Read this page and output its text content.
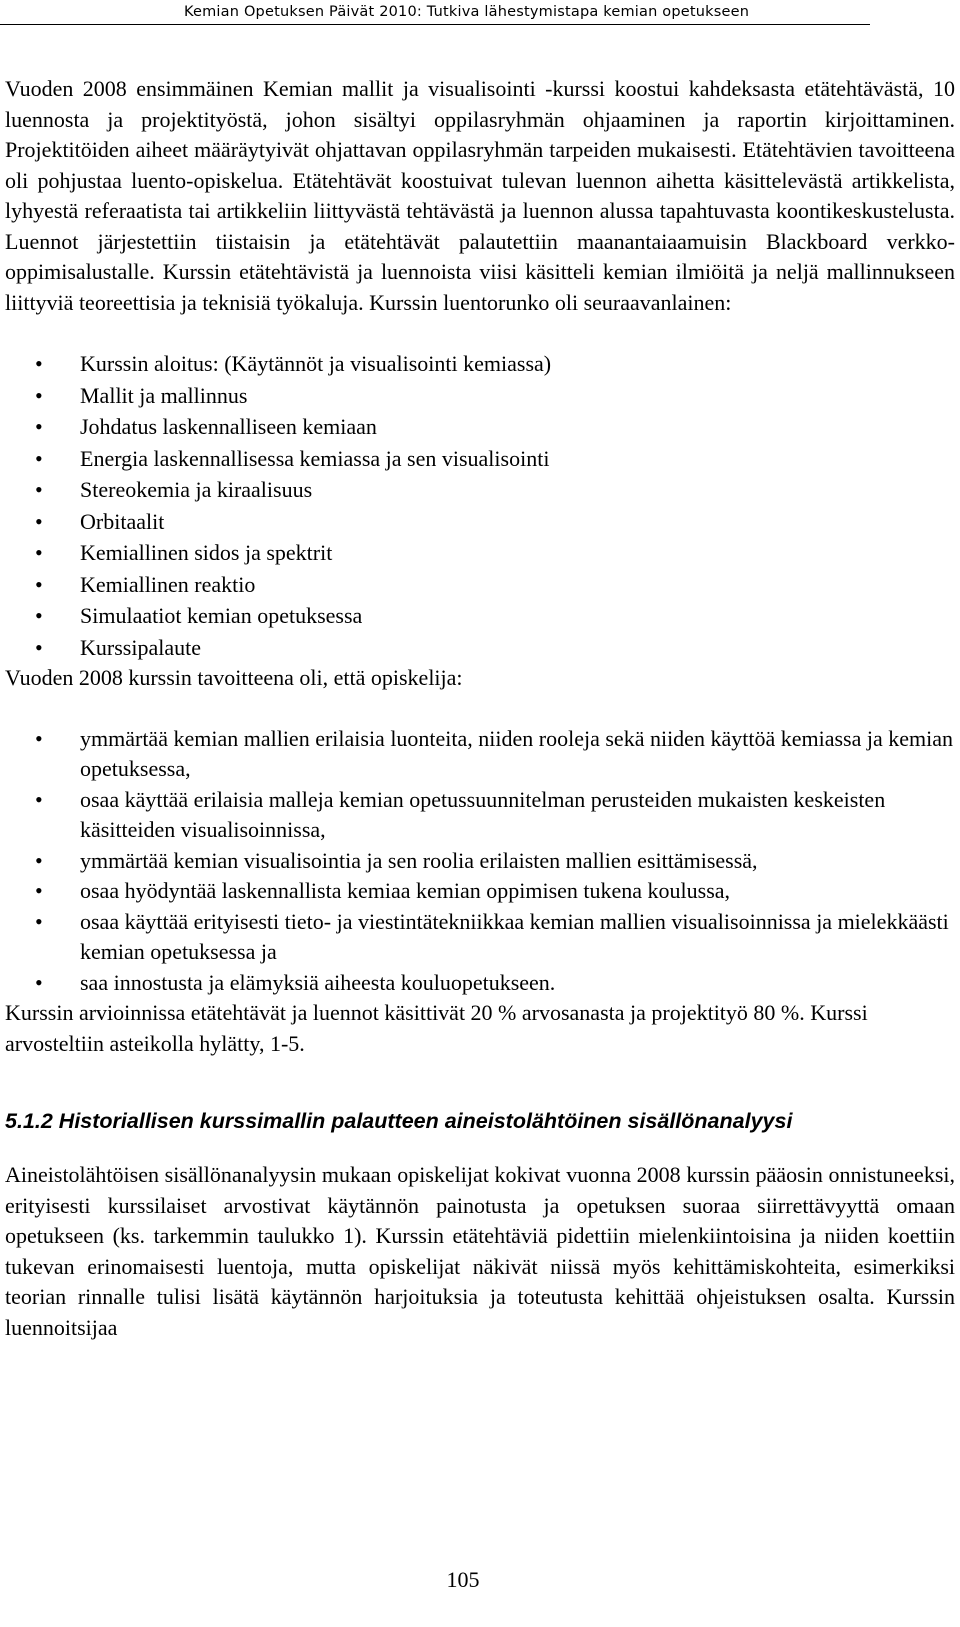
Kemian Opetuksen Päivät 2010: Tutkiva lähestymistapa kemian opetukseen

Vuoden 2008 ensimmäinen Kemian mallit ja visualisointi -kurssi koostui kahdeksasta etätehtävästä, 10 luennosta ja projektityöstä, johon sisältyi oppilasryhmän ohjaaminen ja raportin kirjoittaminen. Projektitöiden aiheet määräytyivät ohjattavan oppilasryhmän tarpeiden mukaisesti. Etätehtävien tavoitteena oli pohjustaa luento-opiskelua. Etätehtävät koostuivat tulevan luennon aihetta käsittelevästä artikkelista, lyhyestä referaatista tai artikkeliin liittyvästä tehtävästä ja luennon alussa tapahtuvasta koontikeskustelusta. Luennot järjestettiin tiistaisin ja etätehtävät palautettiin maanantaiaamuisin Blackboard verkko-oppimisalustalle. Kurssin etätehtävistä ja luennoista viisi käsitteli kemian ilmiöitä ja neljä mallinnukseen liittyviä teoreettisia ja teknisiä työkaluja. Kurssin luentorunko oli seuraavanlainen:

• Kurssin aloitus: (Käytännöt ja visualisointi kemiassa)
• Mallit ja mallinnus
• Johdatus laskennalliseen kemiaan
• Energia laskennallisessa kemiassa ja sen visualisointi
• Stereokemia ja kiraalisuus
• Orbitaalit
• Kemiallinen sidos ja spektrit
• Kemiallinen reaktio
• Simulaatiot kemian opetuksessa
• Kurssipalaute

Vuoden 2008 kurssin tavoitteena oli, että opiskelija:

• ymmärtää kemian mallien erilaisia luonteita, niiden rooleja sekä niiden käyttöä kemiassa ja kemian opetuksessa,
• osaa käyttää erilaisia malleja kemian opetussuunnitelman perusteiden mukaisten keskeisten käsitteiden visualisoinnissa,
• ymmärtää kemian visualisointia ja sen roolia erilaisten mallien esittämisessä,
• osaa hyödyntää laskennallista kemiaa kemian oppimisen tukena koulussa,
• osaa käyttää erityisesti tieto- ja viestintätekniikkaa kemian mallien visualisoinnissa ja mielekkäästi kemian opetuksessa ja
• saa innostusta ja elämyksiä aiheesta kouluopetukseen.

Kurssin arvioinnissa etätehtävät ja luennot käsittivät 20 % arvosanasta ja projektityö 80 %. Kurssi arvosteltiin asteikolla hylätty, 1-5.

5.1.2 Historiallisen kurssimallin palautteen aineistolähtöinen sisällönanalyysi

Aineistolähtöisen sisällönanalyysin mukaan opiskelijat kokivat vuonna 2008 kurssin pääosin onnistuneeksi, erityisesti kurssilaiset arvostivat käytännön painotusta ja opetuksen suoraa siirrettävyyttä omaan opetukseen (ks. tarkemmin taulukko 1). Kurssin etätehtäviä pidettiin mielenkiintoisina ja niiden koettiin tukevan erinomaisesti luentoja, mutta opiskelijat näkivät niissä myös kehittämiskohteita, esimerkiksi teorian rinnalle tulisi lisätä käytännön harjoituksia ja toteutusta kehittää ohjeistuksen osalta. Kurssin luennoitsijaa

105
